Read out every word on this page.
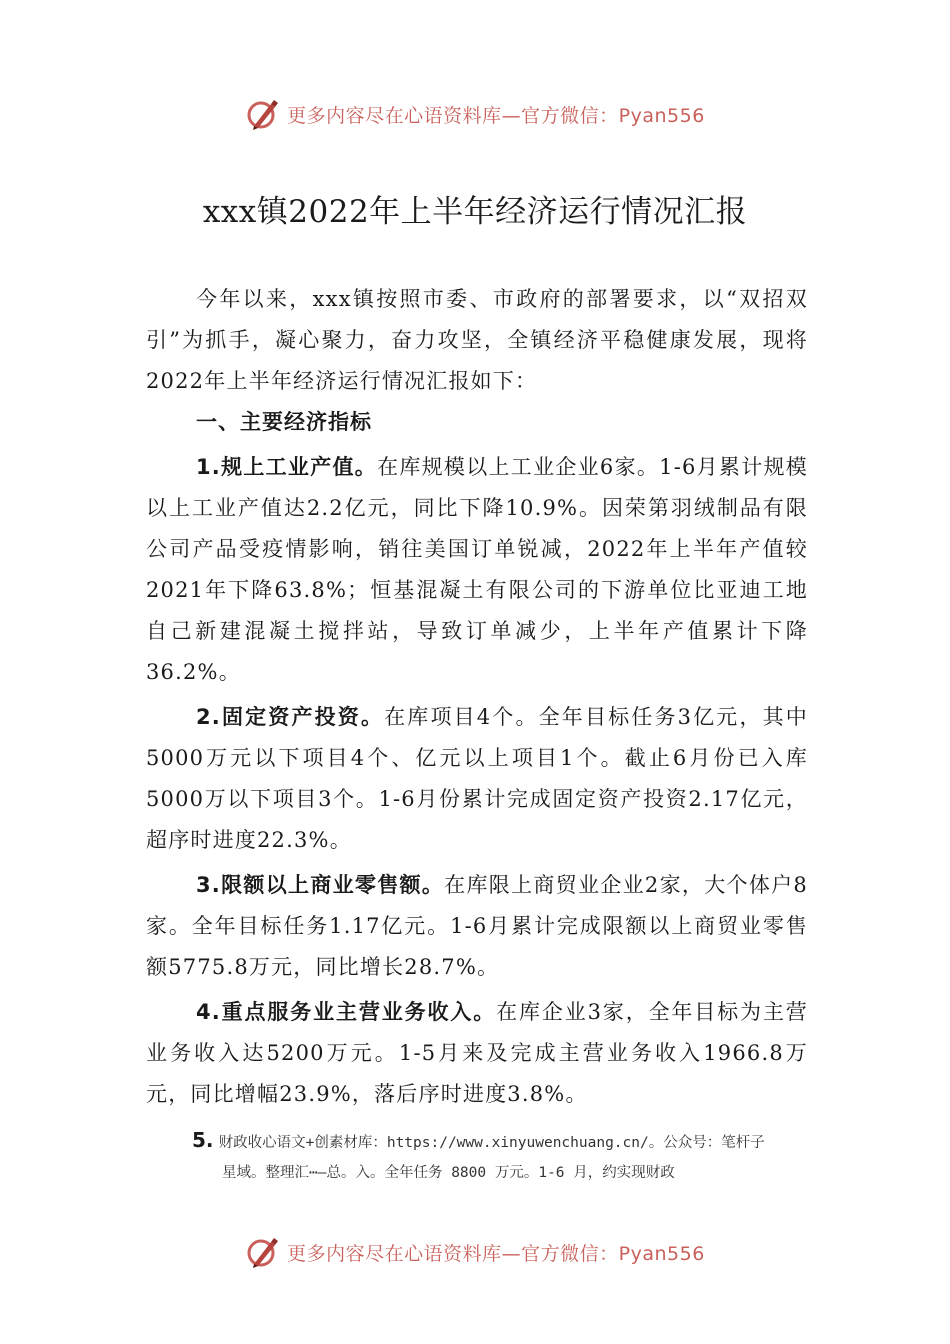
更多内容尽在心语资料库—官方微信：Pyan556
xxx镇2022年上半年经济运行情况汇报

今年以来，xxx镇按照市委、市政府的部署要求，以“双招双引”为抓手，凝心聚力，奋力攻坚，全镇经济平稳健康发展，现将2022年上半年经济运行情况汇报如下：

一、主要经济指标

1.规上工业产值。在库规模以上工业企业6家。1-6月累计规模以上工业产值达2.2亿元，同比下降10.9%。因荣第羽绒制品有限公司产品受疫情影响，销往美国订单锐减，2022年上半年产值较2021年下降63.8%；恒基混凝土有限公司的下游单位比亚迪工地自己新建混凝土搅拌站，导致订单减少，上半年产值累计下降36.2%。

2.固定资产投资。在库项目4个。全年目标任务3亿元，其中5000万元以下项目4个、亿元以上项目1个。截止6月份已入库5000万以下项目3个。1-6月份累计完成固定资产投资2.17亿元，超序时进度22.3%。

3.限额以上商业零售额。在库限上商贸业企业2家，大个体户8家。全年目标任务1.17亿元。1-6月累计完成限额以上商贸业零售额5775.8万元，同比增长28.7%。

4.重点服务业主营业务收入。在库企业3家，全年目标为主营业务收入达5200万元。1-5月来及完成主营业务收入1966.8万元，同比增幅23.9%，落后序时进度3.8%。

5. 财政收心语文+创素材库：https://www.xinyuwenchuang.cn/。公众号：笔杆子
星域。整理汇⋯—总。入。全年任务 8800 万元。1-6 月，约实现财政
更多内容尽在心语资料库—官方微信：Pyan556
